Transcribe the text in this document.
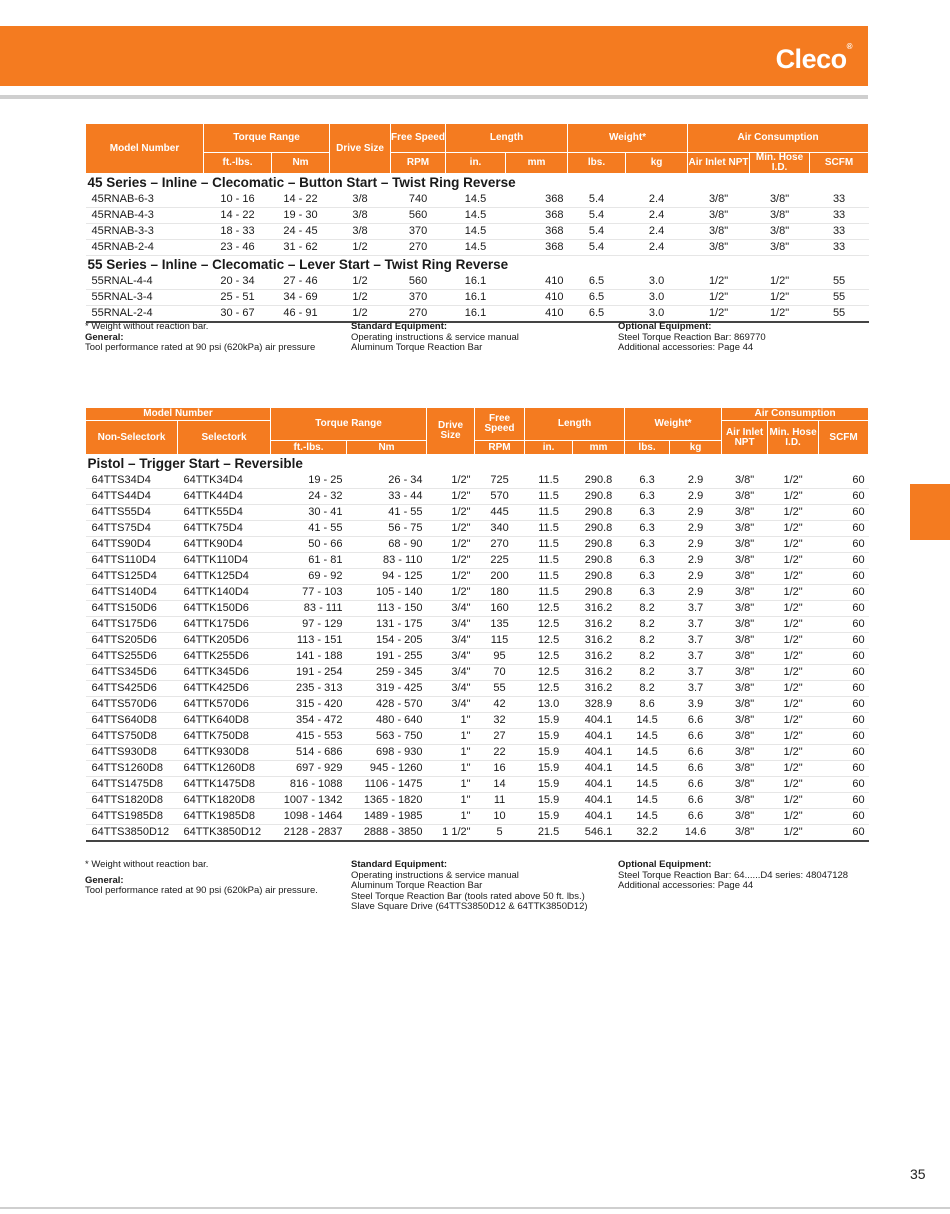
Cleco®
Model Number	Torque Range		Drive Size	Free Speed	Length		Weight*		Air Consumption		
	ft.-lbs.	Nm		RPM	in.	mm	lbs.	kg	Air Inlet NPT	Min. Hose I.D.	SCFM
45 Series – Inline – Clecomatic – Button Start – Twist Ring Reverse											
45RNAB-6-3	10 - 16	14 - 22	3/8	740	14.5	368	5.4	2.4	3/8"	3/8"	33
45RNAB-4-3	14 - 22	19 - 30	3/8	560	14.5	368	5.4	2.4	3/8"	3/8"	33
45RNAB-3-3	18 - 33	24 - 45	3/8	370	14.5	368	5.4	2.4	3/8"	3/8"	33
45RNAB-2-4	23 - 46	31 - 62	1/2	270	14.5	368	5.4	2.4	3/8"	3/8"	33
55 Series – Inline – Clecomatic – Lever Start – Twist Ring Reverse											
55RNAL-4-4	20 - 34	27 - 46	1/2	560	16.1	410	6.5	3.0	1/2"	1/2"	55
55RNAL-3-4	25 - 51	34 - 69	1/2	370	16.1	410	6.5	3.0	1/2"	1/2"	55
55RNAL-2-4	30 - 67	46 - 91	1/2	270	16.1	410	6.5	3.0	1/2"	1/2"	55
* Weight without reaction bar.
General:
Tool performance rated at 90 psi (620kPa) air pressure
Standard Equipment:
Operating instructions & service manual
Aluminum Torque Reaction Bar
Optional Equipment:
Steel Torque Reaction Bar: 869770
Additional accessories: Page 44
Model Number		Torque Range		Drive Size	Free Speed	Length		Weight*		Air Consumption		
Non-Selectork	Selectork									Air Inlet NPT	Min. Hose I.D.	SCFM
		ft.-lbs.	Nm		RPM	in.	mm	lbs.	kg			
Pistol – Trigger Start – Reversible												
64TTS34D4	64TTK34D4	19 - 25	26 - 34	1/2"	725	11.5	290.8	6.3	2.9	3/8"	1/2"	60
64TTS44D4	64TTK44D4	24 - 32	33 - 44	1/2"	570	11.5	290.8	6.3	2.9	3/8"	1/2"	60
64TTS55D4	64TTK55D4	30 - 41	41 - 55	1/2"	445	11.5	290.8	6.3	2.9	3/8"	1/2"	60
64TTS75D4	64TTK75D4	41 - 55	56 - 75	1/2"	340	11.5	290.8	6.3	2.9	3/8"	1/2"	60
64TTS90D4	64TTK90D4	50 - 66	68 - 90	1/2"	270	11.5	290.8	6.3	2.9	3/8"	1/2"	60
64TTS110D4	64TTK110D4	61 - 81	83 - 110	1/2"	225	11.5	290.8	6.3	2.9	3/8"	1/2"	60
64TTS125D4	64TTK125D4	69 - 92	94 - 125	1/2"	200	11.5	290.8	6.3	2.9	3/8"	1/2"	60
64TTS140D4	64TTK140D4	77 - 103	105 - 140	1/2"	180	11.5	290.8	6.3	2.9	3/8"	1/2"	60
64TTS150D6	64TTK150D6	83 - 111	113 - 150	3/4"	160	12.5	316.2	8.2	3.7	3/8"	1/2"	60
64TTS175D6	64TTK175D6	97 - 129	131 - 175	3/4"	135	12.5	316.2	8.2	3.7	3/8"	1/2"	60
64TTS205D6	64TTK205D6	113 - 151	154 - 205	3/4"	115	12.5	316.2	8.2	3.7	3/8"	1/2"	60
64TTS255D6	64TTK255D6	141 - 188	191 - 255	3/4"	95	12.5	316.2	8.2	3.7	3/8"	1/2"	60
64TTS345D6	64TTK345D6	191 - 254	259 - 345	3/4"	70	12.5	316.2	8.2	3.7	3/8"	1/2"	60
64TTS425D6	64TTK425D6	235 - 313	319 - 425	3/4"	55	12.5	316.2	8.2	3.7	3/8"	1/2"	60
64TTS570D6	64TTK570D6	315 - 420	428 - 570	3/4"	42	13.0	328.9	8.6	3.9	3/8"	1/2"	60
64TTS640D8	64TTK640D8	354 - 472	480 - 640	1"	32	15.9	404.1	14.5	6.6	3/8"	1/2"	60
64TTS750D8	64TTK750D8	415 - 553	563 - 750	1"	27	15.9	404.1	14.5	6.6	3/8"	1/2"	60
64TTS930D8	64TTK930D8	514 - 686	698 - 930	1"	22	15.9	404.1	14.5	6.6	3/8"	1/2"	60
64TTS1260D8	64TTK1260D8	697 - 929	945 - 1260	1"	16	15.9	404.1	14.5	6.6	3/8"	1/2"	60
64TTS1475D8	64TTK1475D8	816 - 1088	1106 - 1475	1"	14	15.9	404.1	14.5	6.6	3/8"	1/2"	60
64TTS1820D8	64TTK1820D8	1007 - 1342	1365 - 1820	1"	11	15.9	404.1	14.5	6.6	3/8"	1/2"	60
64TTS1985D8	64TTK1985D8	1098 - 1464	1489 - 1985	1"	10	15.9	404.1	14.5	6.6	3/8"	1/2"	60
64TTS3850D12	64TTK3850D12	2128 - 2837	2888 - 3850	1 1/2"	5	21.5	546.1	32.2	14.6	3/8"	1/2"	60
* Weight without reaction bar.
General:
Tool performance rated at 90 psi (620kPa) air pressure.
Standard Equipment:
Operating instructions & service manual
Aluminum Torque Reaction Bar
Steel Torque Reaction Bar (tools rated above 50 ft. lbs.)
Slave Square Drive (64TTS3850D12 & 64TTK3850D12)
Optional Equipment:
Steel Torque Reaction Bar: 64......D4 series: 48047128
Additional accessories: Page 44
35
